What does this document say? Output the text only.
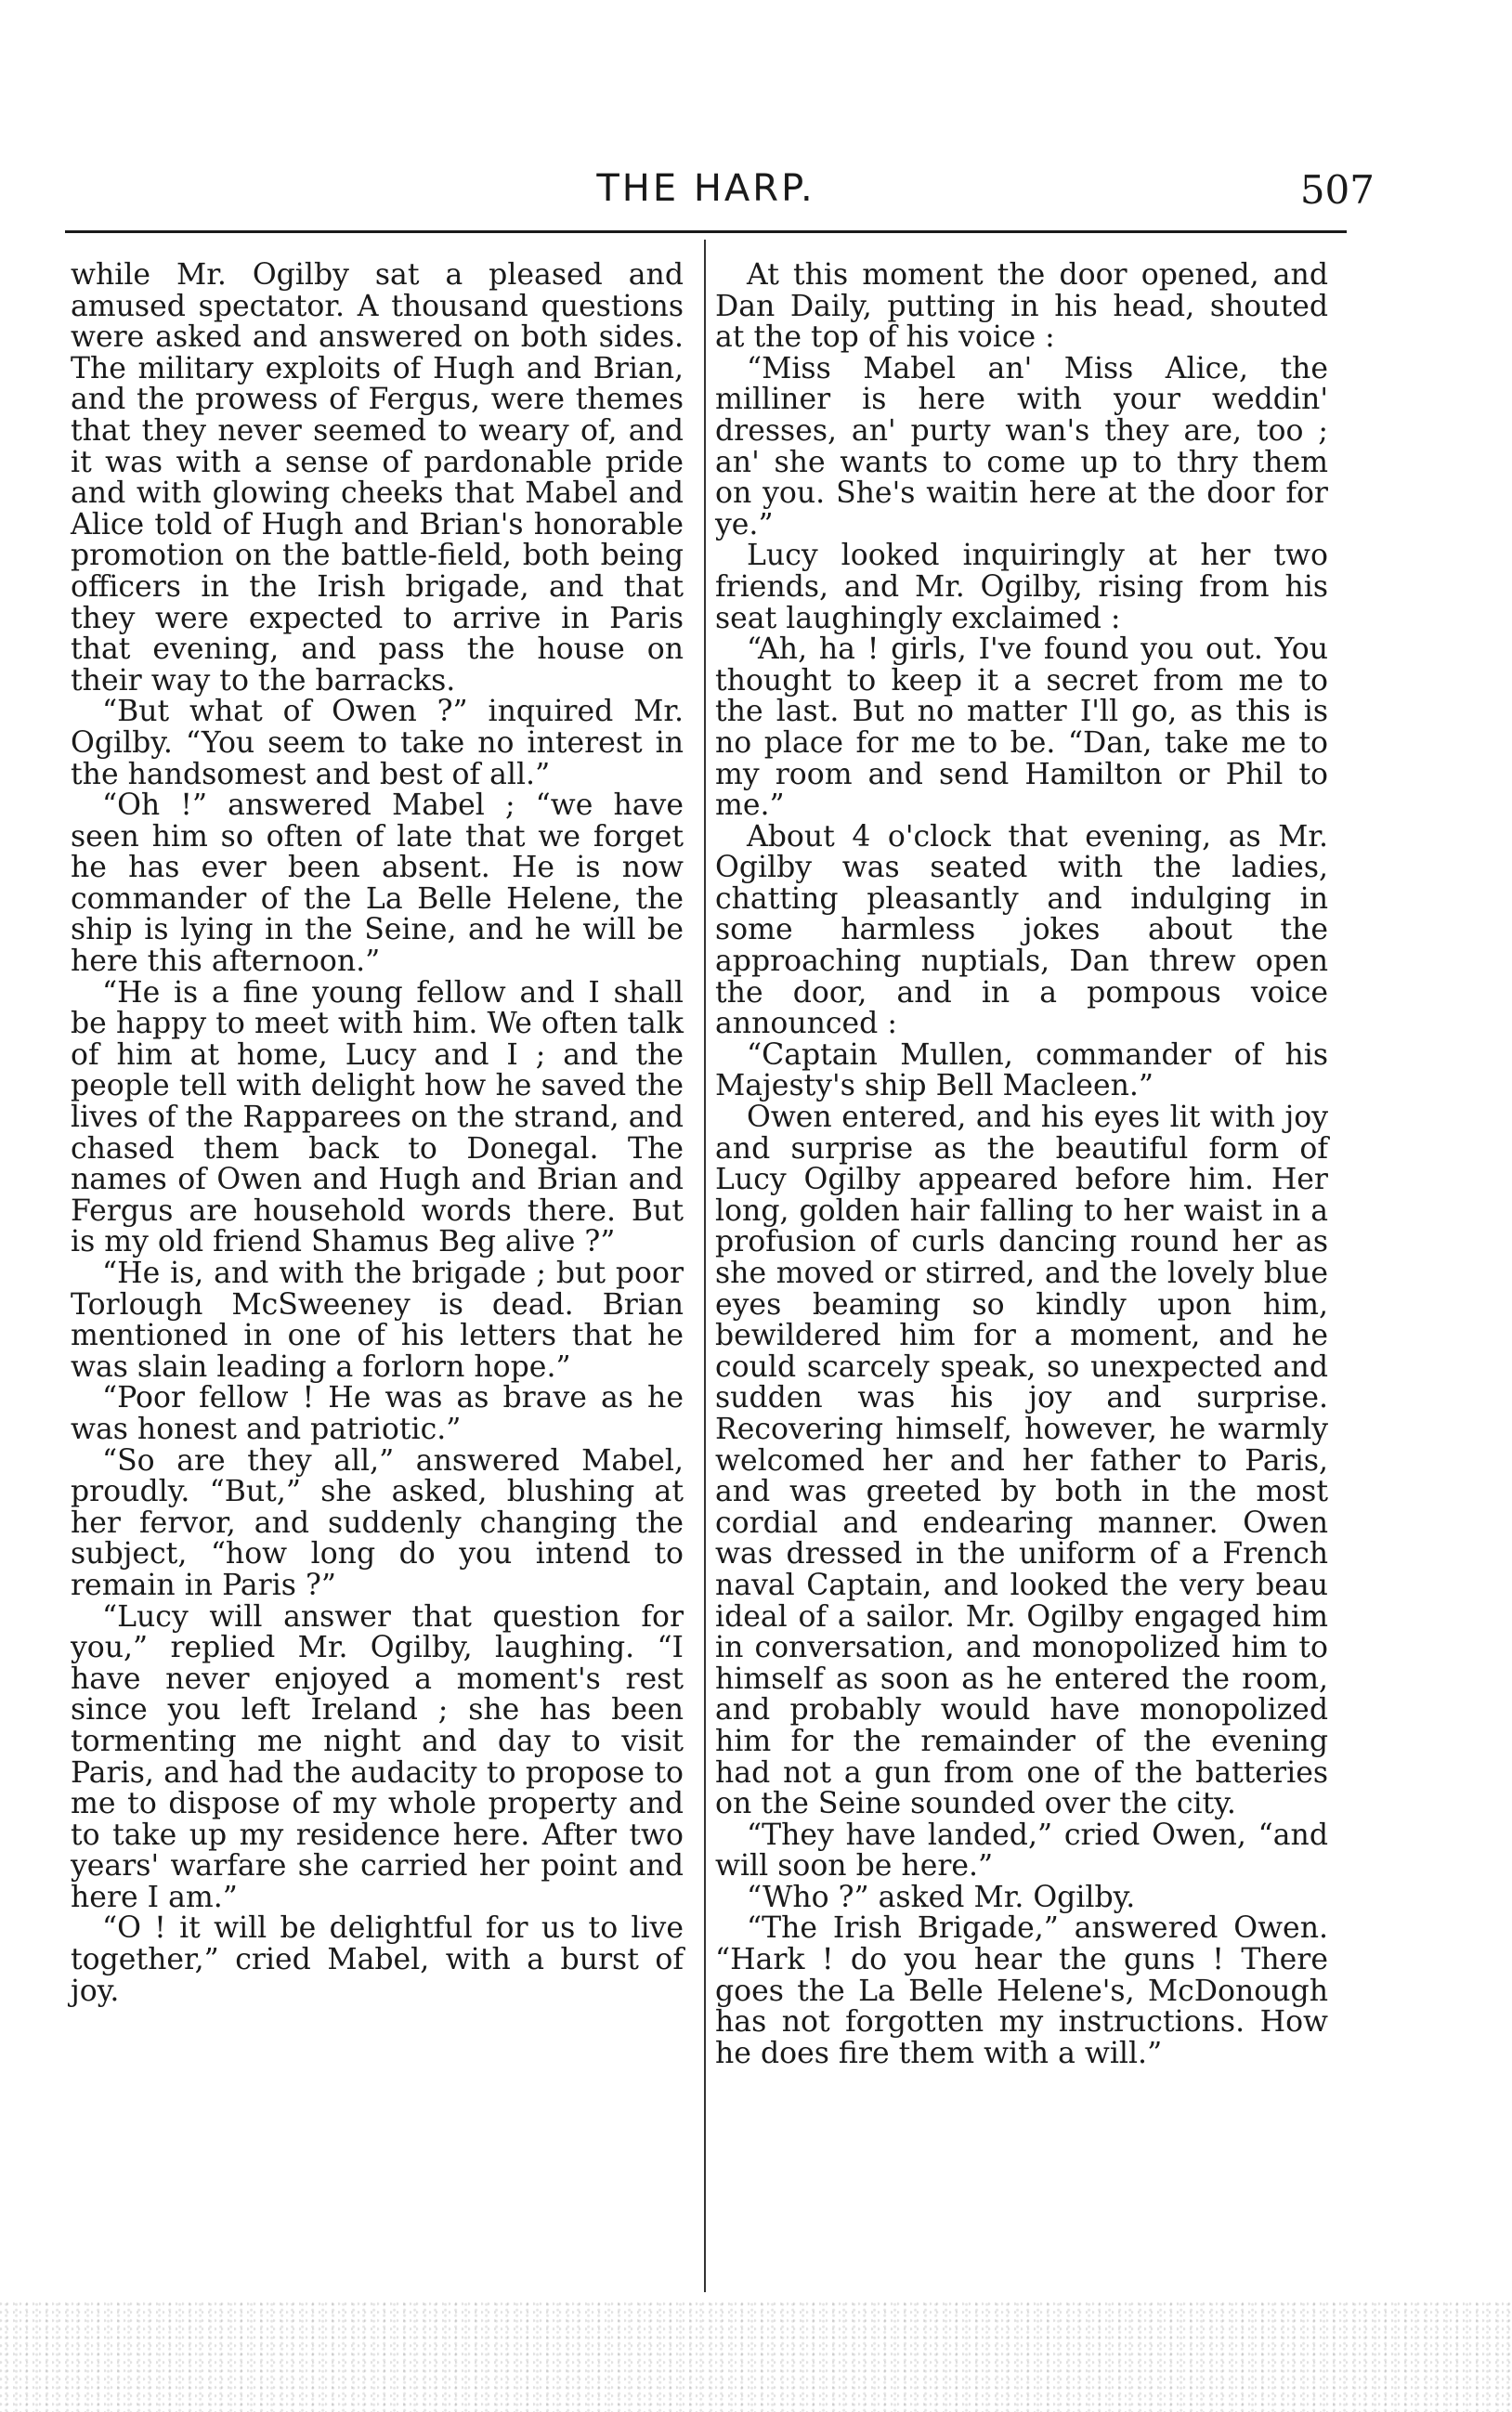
THE HARP.	507

while Mr. Ogilby sat a pleased and amused spectator. A thousand questions were asked and answered on both sides. The military exploits of Hugh and Brian, and the prowess of Fergus, were themes that they never seemed to weary of, and it was with a sense of pardonable pride and with glowing cheeks that Mabel and Alice told of Hugh and Brian's honorable promotion on the battle-field, both being officers in the Irish brigade, and that they were expected to arrive in Paris that evening, and pass the house on their way to the barracks.

“But what of Owen ?” inquired Mr. Ogilby. “You seem to take no interest in the handsomest and best of all.”

“Oh !” answered Mabel ; “we have seen him so often of late that we forget he has ever been absent. He is now commander of the La Belle Helene, the ship is lying in the Seine, and he will be here this afternoon.”

“He is a fine young fellow and I shall be happy to meet with him. We often talk of him at home, Lucy and I ; and the people tell with delight how he saved the lives of the Rapparees on the strand, and chased them back to Donegal. The names of Owen and Hugh and Brian and Fergus are household words there. But is my old friend Shamus Beg alive ?”

“He is, and with the brigade ; but poor Torlough McSweeney is dead. Brian mentioned in one of his letters that he was slain leading a forlorn hope.”

“Poor fellow ! He was as brave as he was honest and patriotic.”

“So are they all,” answered Mabel, proudly. “But,” she asked, blushing at her fervor, and suddenly changing the subject, “how long do you intend to remain in Paris ?”

“Lucy will answer that question for you,” replied Mr. Ogilby, laughing. “I have never enjoyed a moment's rest since you left Ireland ; she has been tormenting me night and day to visit Paris, and had the audacity to propose to me to dispose of my whole property and to take up my residence here. After two years' warfare she carried her point and here I am.”

“O ! it will be delightful for us to live together,” cried Mabel, with a burst of joy.

At this moment the door opened, and Dan Daily, putting in his head, shouted at the top of his voice :

“Miss Mabel an' Miss Alice, the milliner is here with your weddin' dresses, an' purty wan's they are, too ; an' she wants to come up to thry them on you. She's waitin here at the door for ye.”

Lucy looked inquiringly at her two friends, and Mr. Ogilby, rising from his seat laughingly exclaimed :

“Ah, ha ! girls, I've found you out. You thought to keep it a secret from me to the last. But no matter I'll go, as this is no place for me to be. “Dan, take me to my room and send Hamilton or Phil to me.”

About 4 o'clock that evening, as Mr. Ogilby was seated with the ladies, chatting pleasantly and indulging in some harmless jokes about the approaching nuptials, Dan threw open the door, and in a pompous voice announced :

“Captain Mullen, commander of his Majesty's ship Bell Macleen.”

Owen entered, and his eyes lit with joy and surprise as the beautiful form of Lucy Ogilby appeared before him. Her long, golden hair falling to her waist in a profusion of curls dancing round her as she moved or stirred, and the lovely blue eyes beaming so kindly upon him, bewildered him for a moment, and he could scarcely speak, so unexpected and sudden was his joy and surprise. Recovering himself, however, he warmly welcomed her and her father to Paris, and was greeted by both in the most cordial and endearing manner. Owen was dressed in the uniform of a French naval Captain, and looked the very beau ideal of a sailor. Mr. Ogilby engaged him in conversation, and monopolized him to himself as soon as he entered the room, and probably would have monopolized him for the remainder of the evening had not a gun from one of the batteries on the Seine sounded over the city.

“They have landed,” cried Owen, “and will soon be here.”

“Who ?” asked Mr. Ogilby.

“The Irish Brigade,” answered Owen. “Hark ! do you hear the guns ! There goes the La Belle Helene's, McDonough has not forgotten my instructions. How he does fire them with a will.”
